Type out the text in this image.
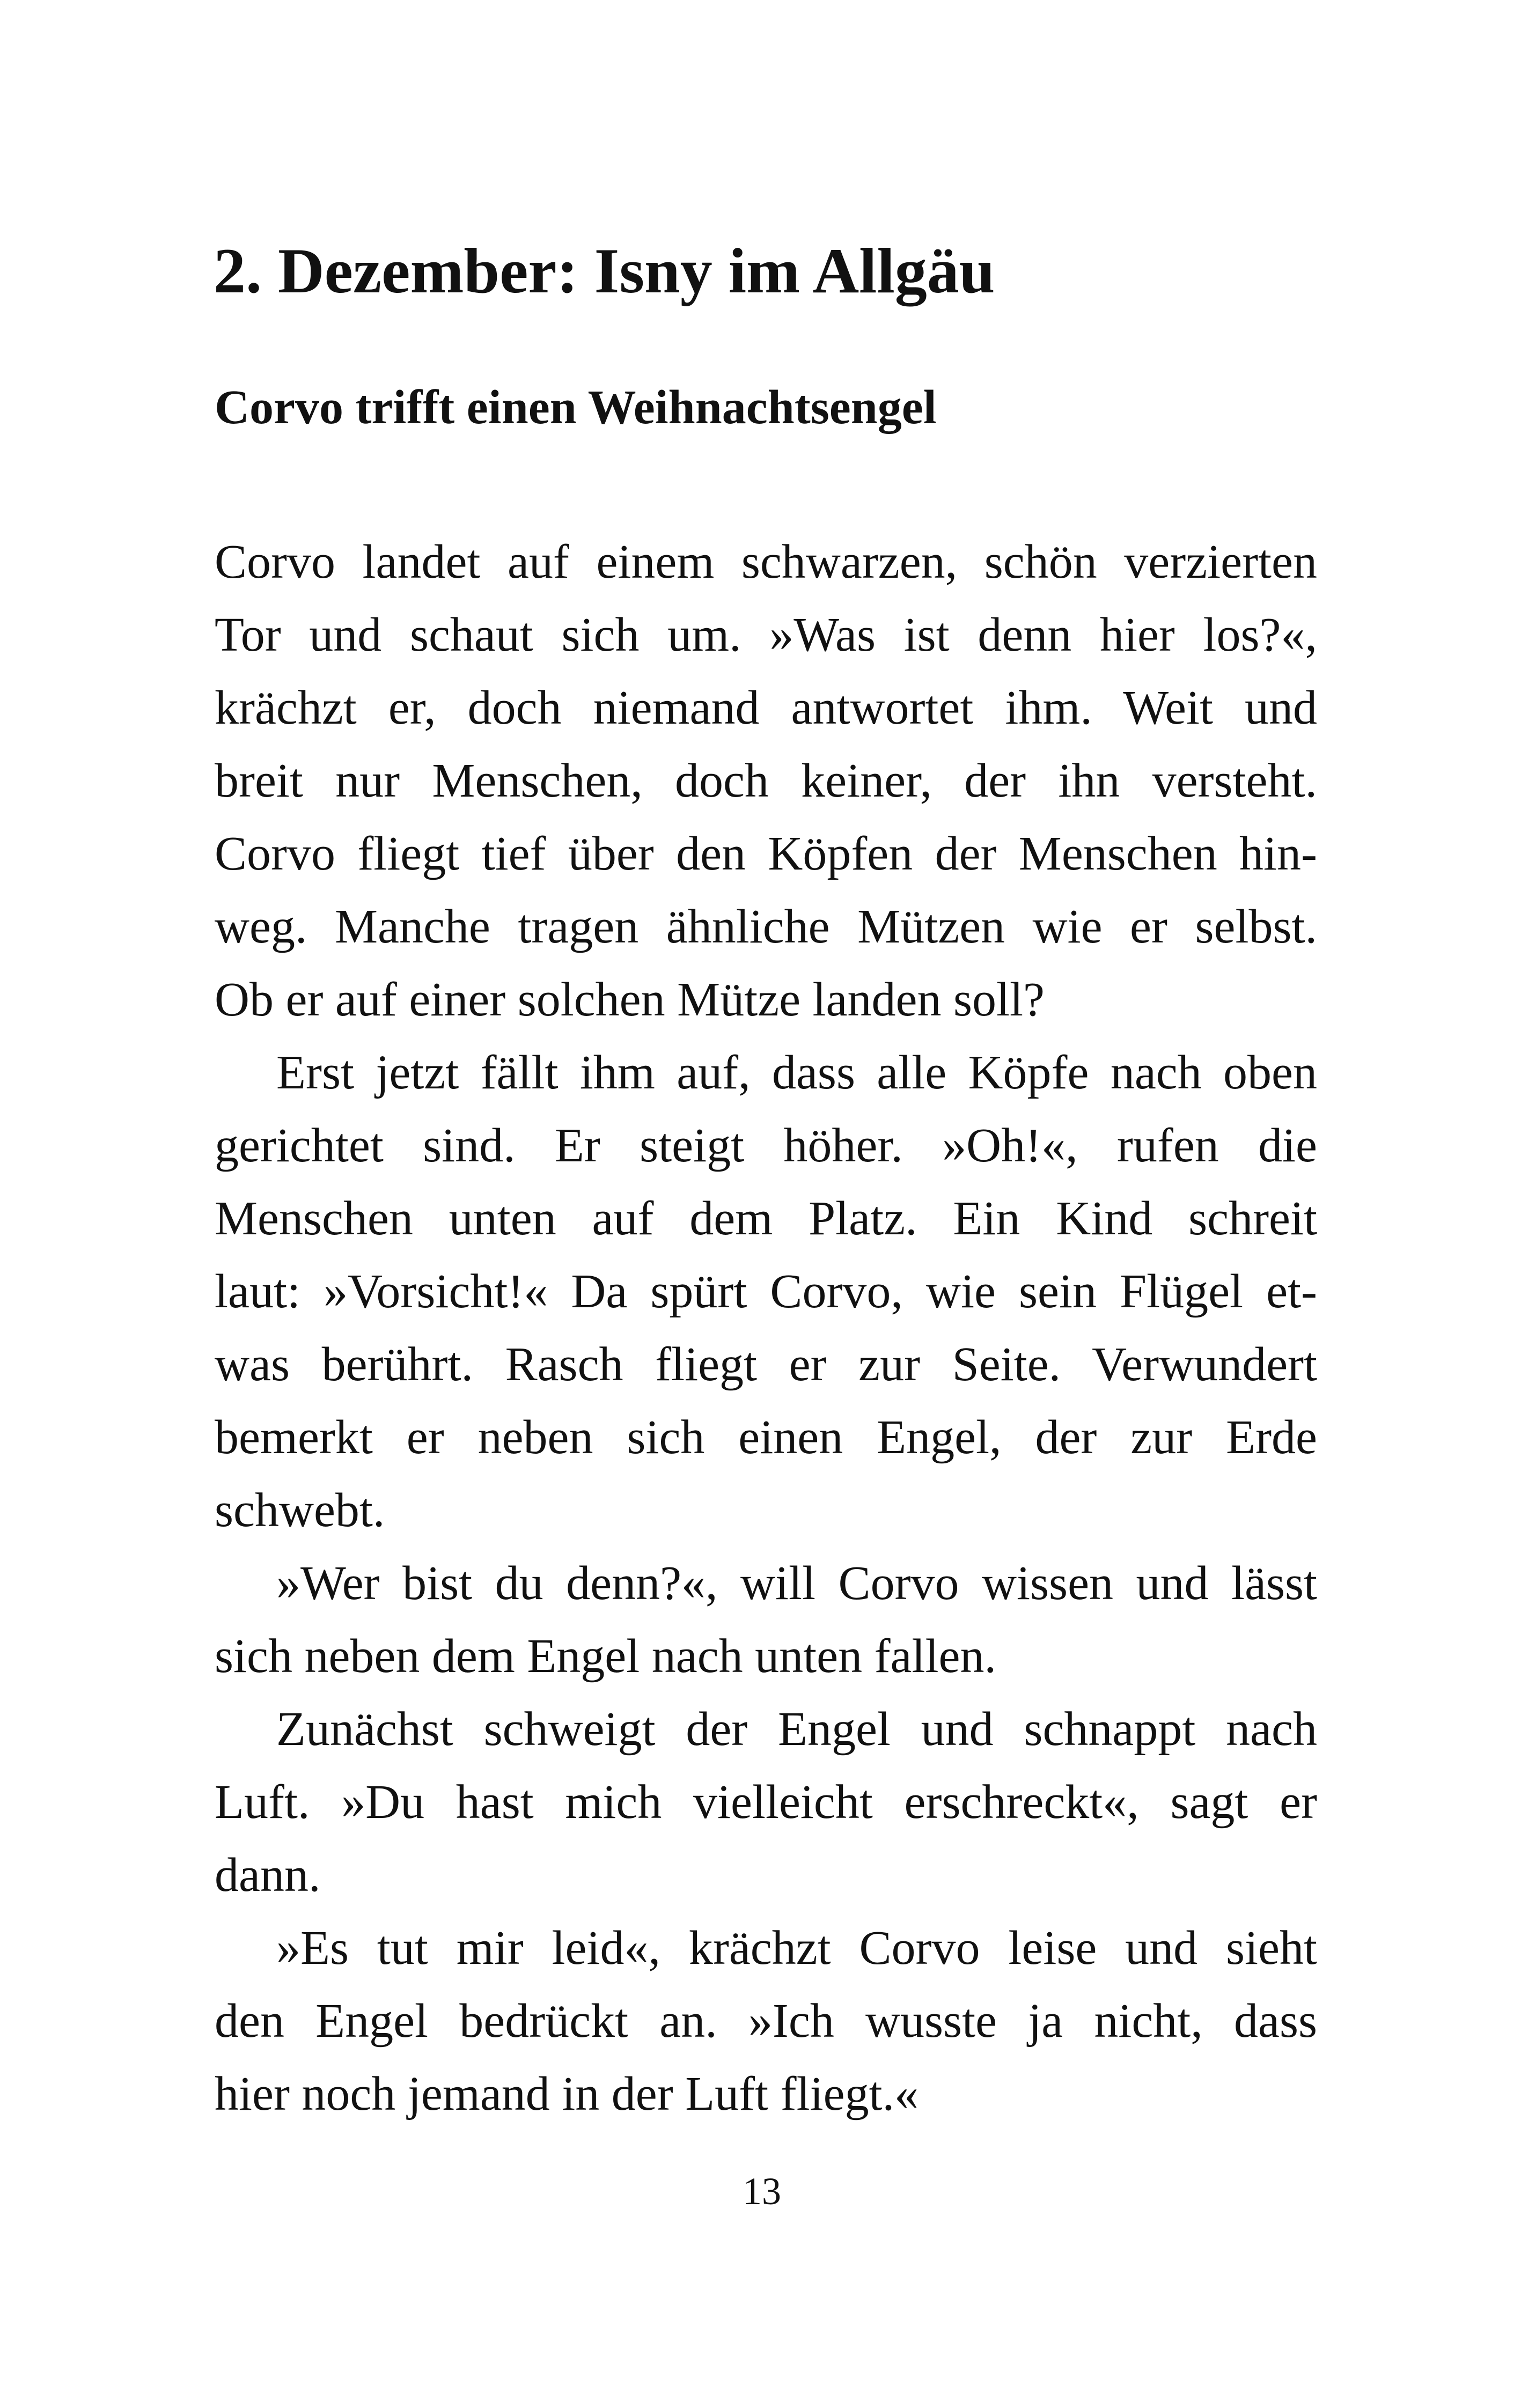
2. Dezember: Isny im Allgäu
Corvo trifft einen Weihnachtsengel
Corvo landet auf einem schwarzen, schön verzierten
Tor und schaut sich um. »Was ist denn hier los?«,
krächzt er, doch niemand antwortet ihm. Weit und
breit nur Menschen, doch keiner, der ihn versteht.
Corvo fliegt tief über den Köpfen der Menschen hin-
weg. Manche tragen ähnliche Mützen wie er selbst.
Ob er auf einer solchen Mütze landen soll?
Erst jetzt fällt ihm auf, dass alle Köpfe nach oben
gerichtet sind. Er steigt höher. »Oh!«, rufen die
Menschen unten auf dem Platz. Ein Kind schreit
laut: »Vorsicht!« Da spürt Corvo, wie sein Flügel et-
was berührt. Rasch fliegt er zur Seite. Verwundert
bemerkt er neben sich einen Engel, der zur Erde
schwebt.
»Wer bist du denn?«, will Corvo wissen und lässt
sich neben dem Engel nach unten fallen.
Zunächst schweigt der Engel und schnappt nach
Luft. »Du hast mich vielleicht erschreckt«, sagt er
dann.
»Es tut mir leid«, krächzt Corvo leise und sieht
den Engel bedrückt an. »Ich wusste ja nicht, dass
hier noch jemand in der Luft fliegt.«
13
